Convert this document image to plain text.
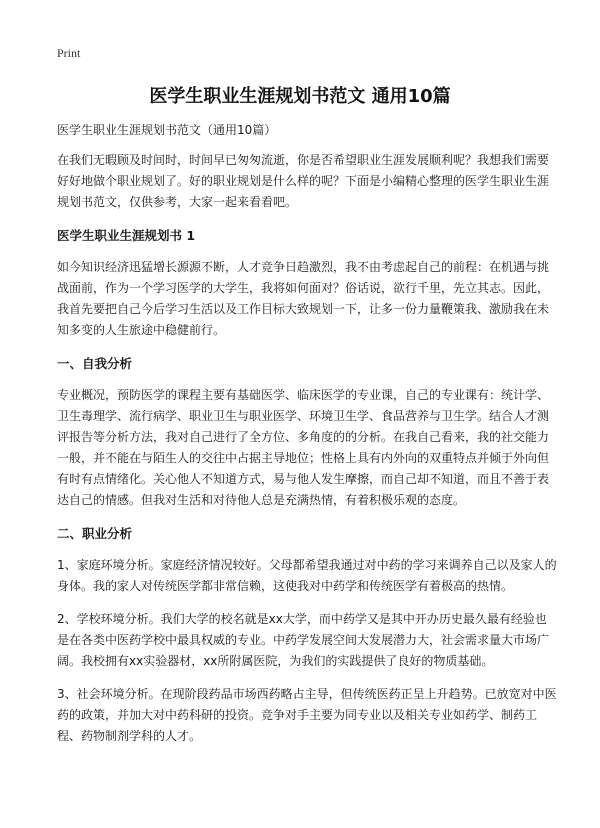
Print
医学生职业生涯规划书范文 通用10篇

医学生职业生涯规划书范文（通用10篇）

在我们无暇顾及时间时，时间早已匆匆流逝，你是否希望职业生涯发展顺利呢？我想我们需要好好地做个职业规划了。好的职业规划是什么样的呢？下面是小编精心整理的医学生职业生涯规划书范文，仅供参考，大家一起来看看吧。

医学生职业生涯规划书 1

如今知识经济迅猛增长源源不断，人才竞争日趋激烈，我不由考虑起自己的前程：在机遇与挑战面前，作为一个学习医学的大学生，我将如何面对？俗话说，欲行千里，先立其志。因此，我首先要把自己今后学习生活以及工作目标大致规划一下，让多一份力量鞭策我、激励我在未知多变的人生旅途中稳健前行。

一、自我分析

专业概况，预防医学的课程主要有基础医学、临床医学的专业课，自己的专业课有：统计学、卫生毒理学、流行病学、职业卫生与职业医学、环境卫生学、食品营养与卫生学。结合人才测评报告等分析方法，我对自己进行了全方位、多角度的的分析。在我自己看来，我的社交能力一般，并不能在与陌生人的交往中占据主导地位；性格上具有内外向的双重特点并倾于外向但有时有点情绪化。关心他人不知道方式，易与他人发生摩擦，而自己却不知道，而且不善于表达自己的情感。但我对生活和对待他人总是充满热情，有着积极乐观的态度。

二、职业分析

1、家庭环境分析。家庭经济情况较好。父母都希望我通过对中药的学习来调养自己以及家人的身体。我的家人对传统医学都非常信赖，这使我对中药学和传统医学有着极高的热情。

2、学校环境分析。我们大学的校名就是xx大学，而中药学又是其中开办历史最久最有经验也是在各类中医药学校中最具权威的专业。中药学发展空间大发展潜力大，社会需求量大市场广阔。我校拥有xx实验器材，xx所附属医院，为我们的实践提供了良好的物质基础。

3、社会环境分析。在现阶段药品市场西药略占主导，但传统医药正呈上升趋势。已放宽对中医药的政策，并加大对中药科研的投资。竞争对手主要为同专业以及相关专业如药学、制药工程、药物制剂学科的人才。
